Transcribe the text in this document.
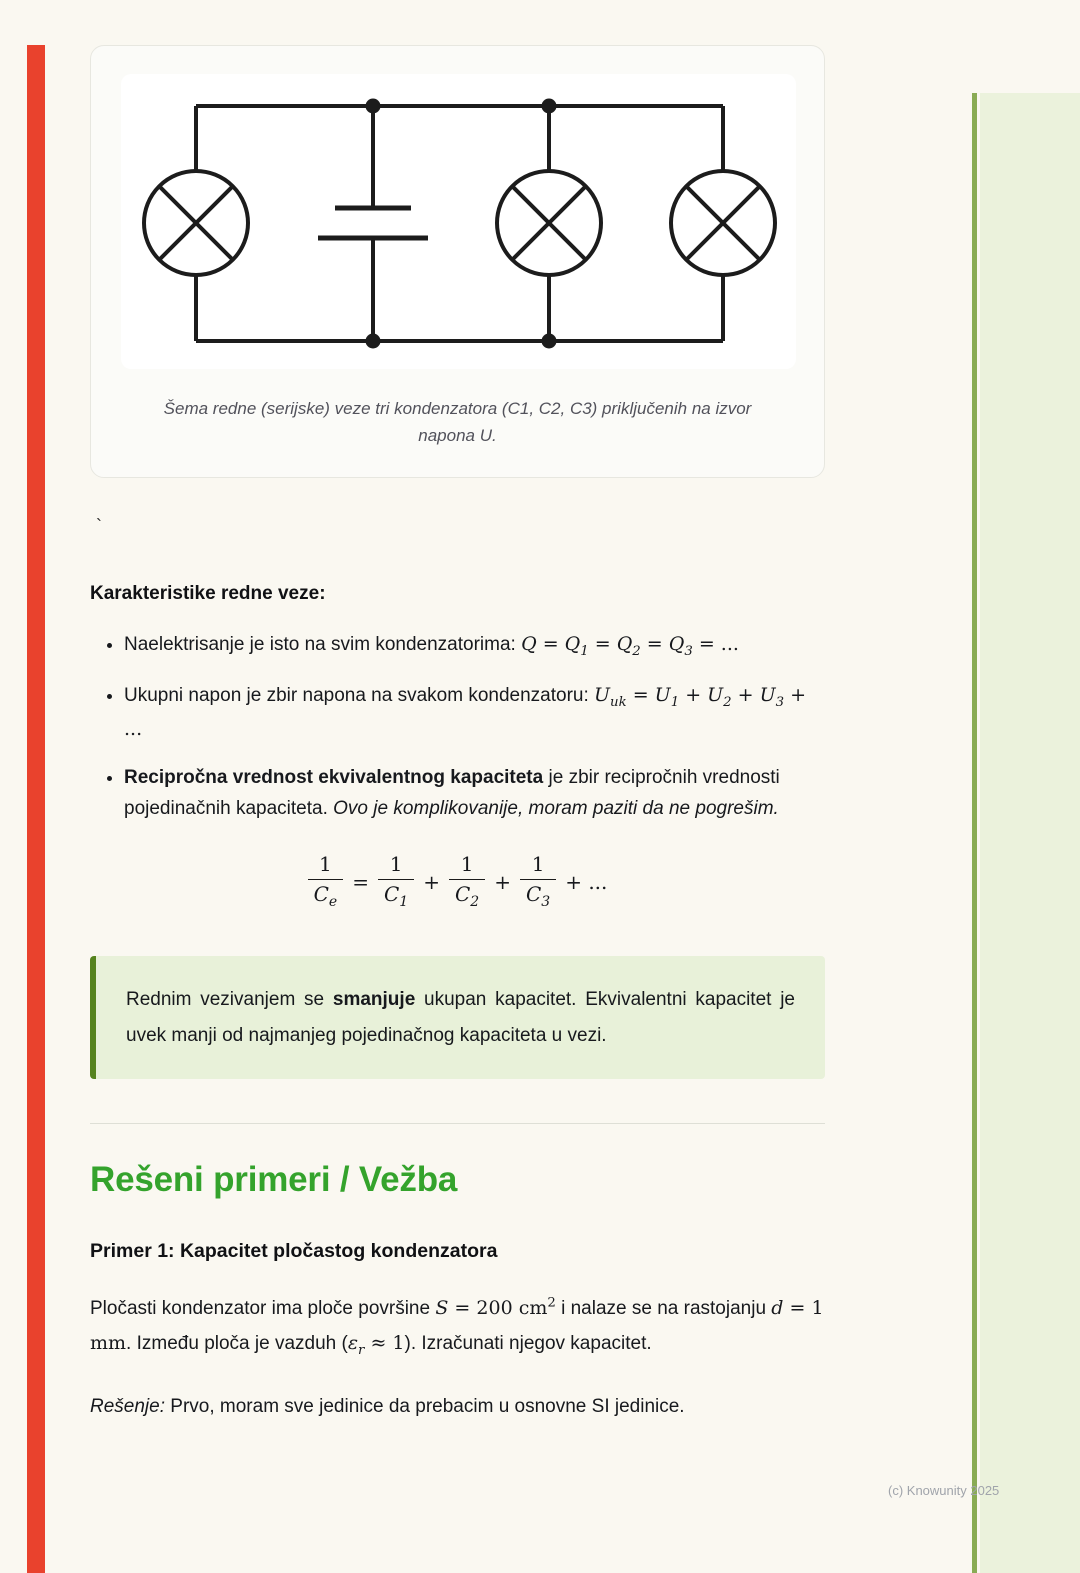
Šema redne (serijske) veze tri kondenzatora (C1, C2, C3) priključenih na izvor napona U.
`
Karakteristike redne veze:
• Naelektrisanje je isto na svim kondenzatorima: $Q = Q_1 = Q_2 = Q_3$ = ...
• Ukupni napon je zbir napona na svakom kondenzatoru: $U_{uk} = U_1 + U_2 + U_3$ + ...
• Recipročna vrednost ekvivalentnog kapaciteta je zbir recipročnih vrednosti pojedinačnih kapaciteta. Ovo je komplikovanije, moram paziti da ne pogrešim.
$\frac{1}{C_e} = \frac{1}{C_1} + \frac{1}{C_2} + \frac{1}{C_3}$ + ...
Rednim vezivanjem se smanjuje ukupan kapacitet. Ekvivalentni kapacitet je uvek manji od najmanjeg pojedinačnog kapaciteta u vezi.
Rešeni primeri / Vežba
Primer 1: Kapacitet pločastog kondenzatora

Pločasti kondenzator ima ploče površine S = 200 $cm^2$ i nalaze se na rastojanju d = 1 mm. Između ploča je vazduh $(\varepsilon_r \approx 1)$. Izračunati njegov kapacitet.

Rešenje: Prvo, moram sve jedinice da prebacim u osnovne SI jedinice.

(c) Knowunity 2025
